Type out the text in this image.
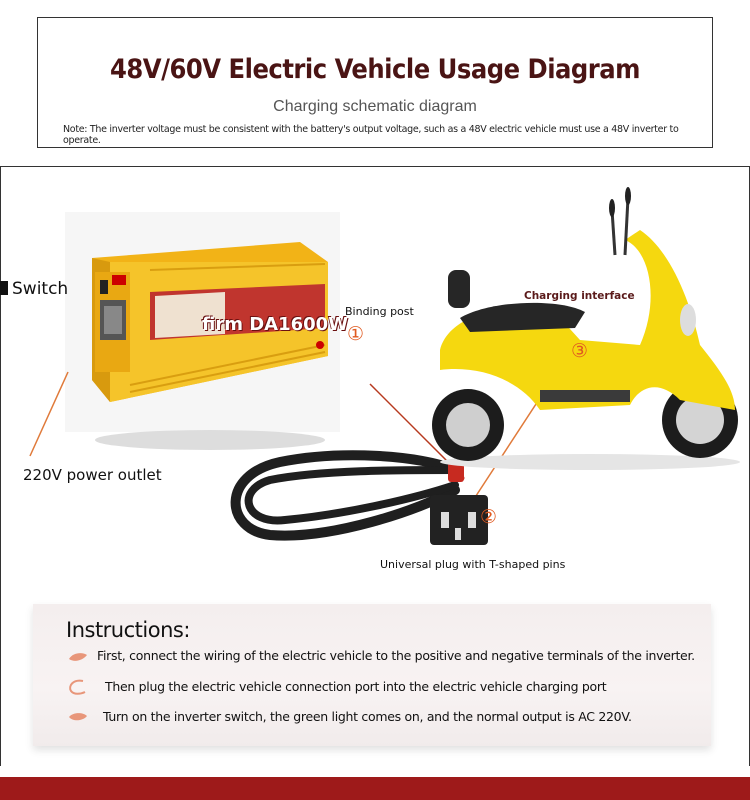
48V/60V Electric Vehicle Usage Diagram
Charging schematic diagram
Note: The inverter voltage must be consistent with the battery's output voltage, such as a 48V electric vehicle must use a 48V inverter to operate.
Switch
220V power outlet
firm DA1600W
Binding post
①
Charging interface
③
②
Universal plug with T-shaped pins
Instructions:
First, connect the wiring of the electric vehicle to the positive and negative terminals of the inverter.
Then plug the electric vehicle connection port into the electric vehicle charging port
Turn on the inverter switch, the green light comes on, and the normal output is AC 220V.
